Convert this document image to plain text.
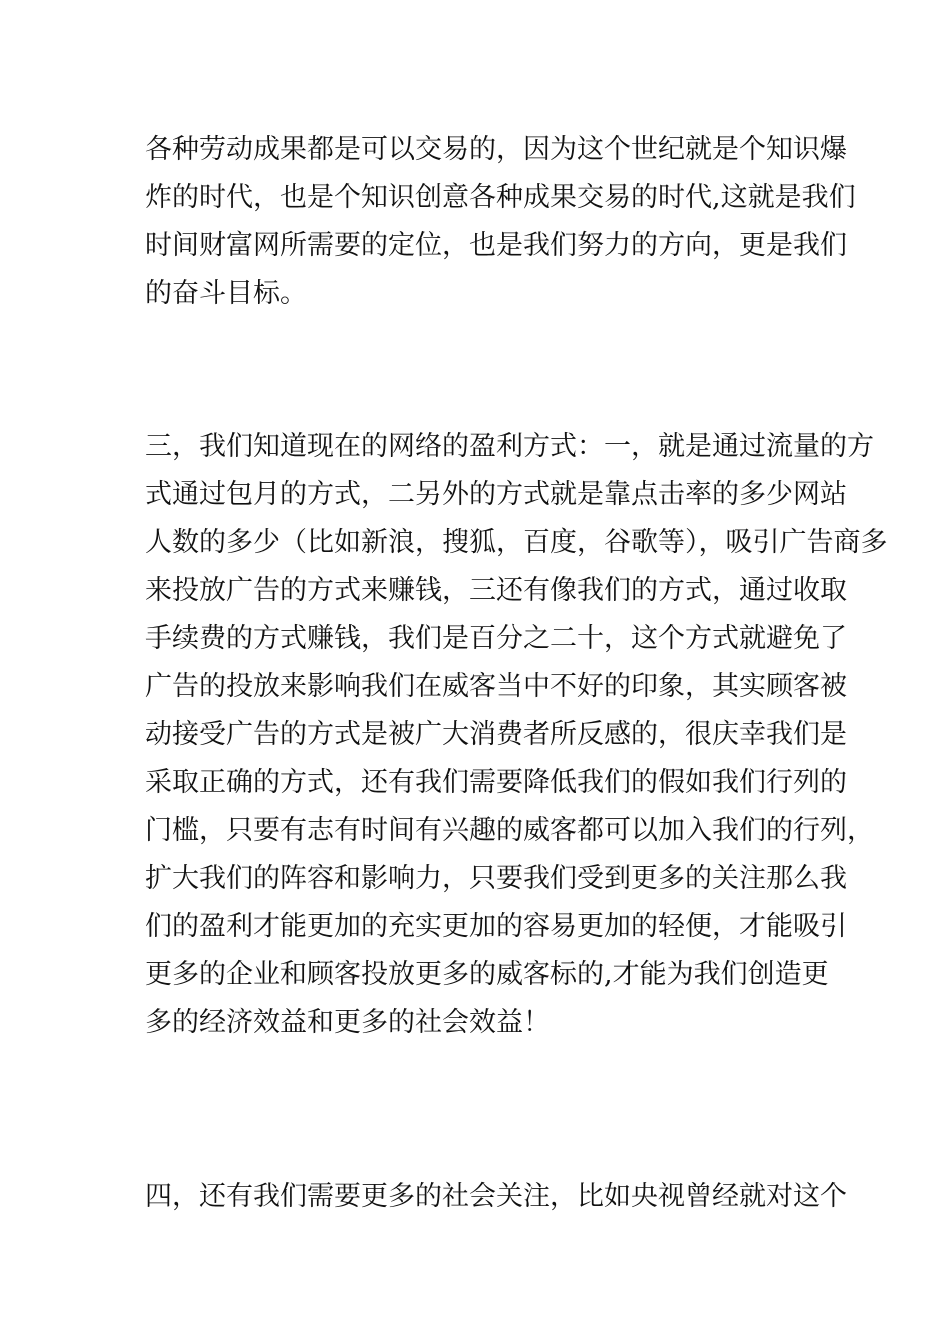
各种劳动成果都是可以交易的，因为这个世纪就是个知识爆
炸的时代，也是个知识创意各种成果交易的时代,这就是我们
时间财富网所需要的定位，也是我们努力的方向，更是我们
的奋斗目标。

三，我们知道现在的网络的盈利方式：一，就是通过流量的方
式通过包月的方式，二另外的方式就是靠点击率的多少网站
人数的多少（比如新浪，搜狐，百度，谷歌等），吸引广告商多
来投放广告的方式来赚钱，三还有像我们的方式，通过收取
手续费的方式赚钱，我们是百分之二十，这个方式就避免了
广告的投放来影响我们在威客当中不好的印象，其实顾客被
动接受广告的方式是被广大消费者所反感的，很庆幸我们是
采取正确的方式，还有我们需要降低我们的假如我们行列的
门槛，只要有志有时间有兴趣的威客都可以加入我们的行列，
扩大我们的阵容和影响力，只要我们受到更多的关注那么我
们的盈利才能更加的充实更加的容易更加的轻便，才能吸引
更多的企业和顾客投放更多的威客标的,才能为我们创造更
多的经济效益和更多的社会效益！

四，还有我们需要更多的社会关注，比如央视曾经就对这个
